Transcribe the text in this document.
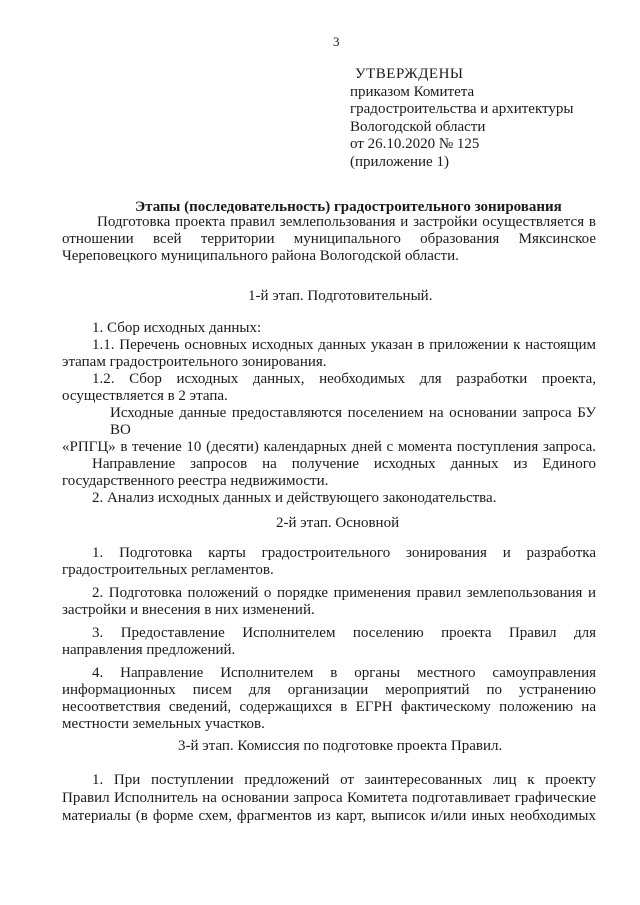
3
УТВЕРЖДЕНЫ
приказом Комитета
градостроительства и архитектуры
Вологодской области
от 26.10.2020 № 125
(приложение 1)
Этапы (последовательность) градостроительного зонирования
Подготовка проекта правил землепользования и застройки осуществляется в
отношении всей территории муниципального образования Мяксинское
Череповецкого муниципального района Вологодской области.
1-й этап. Подготовительный.
1. Сбор исходных данных:
1.1. Перечень основных исходных данных указан в приложении к настоящим
этапам градостроительного зонирования.
1.2. Сбор исходных данных, необходимых для разработки проекта,
осуществляется в 2 этапа.
Исходные данные предоставляются поселением на основании запроса БУ ВО
«РПГЦ» в течение 10 (десяти) календарных дней с момента поступления запроса.
Направление запросов на получение исходных данных из Единого
государственного реестра недвижимости.
2. Анализ исходных данных и действующего законодательства.
2-й этап. Основной
1. Подготовка карты градостроительного зонирования и разработка
градостроительных регламентов.
2. Подготовка положений о порядке применения правил землепользования и
застройки и внесения в них изменений.
3. Предоставление Исполнителем поселению проекта Правил для
направления предложений.
4. Направление Исполнителем в органы местного самоуправления
информационных писем для организации мероприятий по устранению
несоответствия сведений, содержащихся в ЕГРН фактическому положению на
местности земельных участков.
3-й этап. Комиссия по подготовке проекта Правил.
1. При поступлении предложений от заинтересованных лиц к проекту
Правил Исполнитель на основании запроса Комитета подготавливает графические
материалы (в форме схем, фрагментов из карт, выписок и/или иных необходимых
